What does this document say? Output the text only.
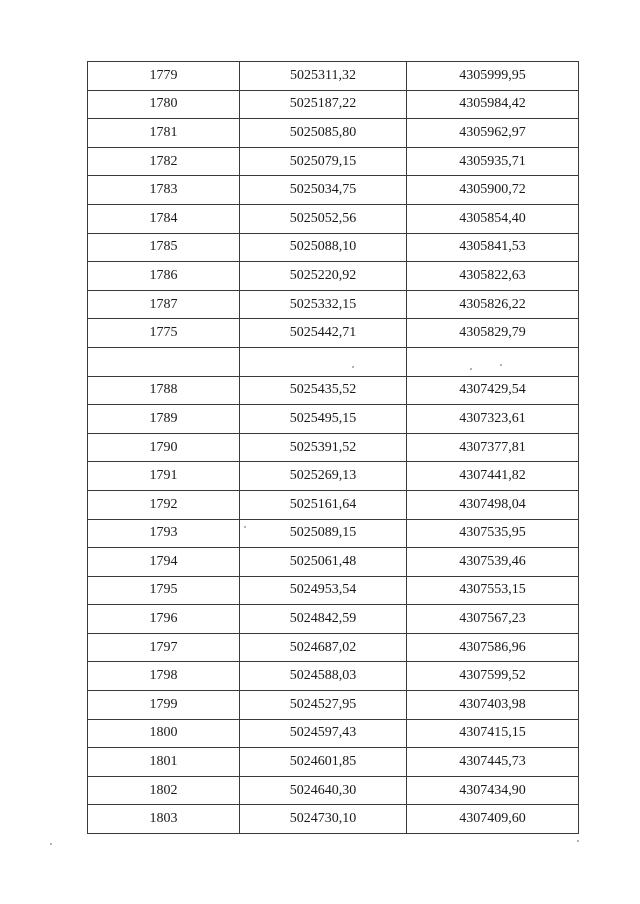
1779	5025311,32	4305999,95
1780	5025187,22	4305984,42
1781	5025085,80	4305962,97
1782	5025079,15	4305935,71
1783	5025034,75	4305900,72
1784	5025052,56	4305854,40
1785	5025088,10	4305841,53
1786	5025220,92	4305822,63
1787	5025332,15	4305826,22
1775	5025442,71	4305829,79

1788	5025435,52	4307429,54
1789	5025495,15	4307323,61
1790	5025391,52	4307377,81
1791	5025269,13	4307441,82
1792	5025161,64	4307498,04
1793	5025089,15	4307535,95
1794	5025061,48	4307539,46
1795	5024953,54	4307553,15
1796	5024842,59	4307567,23
1797	5024687,02	4307586,96
1798	5024588,03	4307599,52
1799	5024527,95	4307403,98
1800	5024597,43	4307415,15
1801	5024601,85	4307445,73
1802	5024640,30	4307434,90
1803	5024730,10	4307409,60
